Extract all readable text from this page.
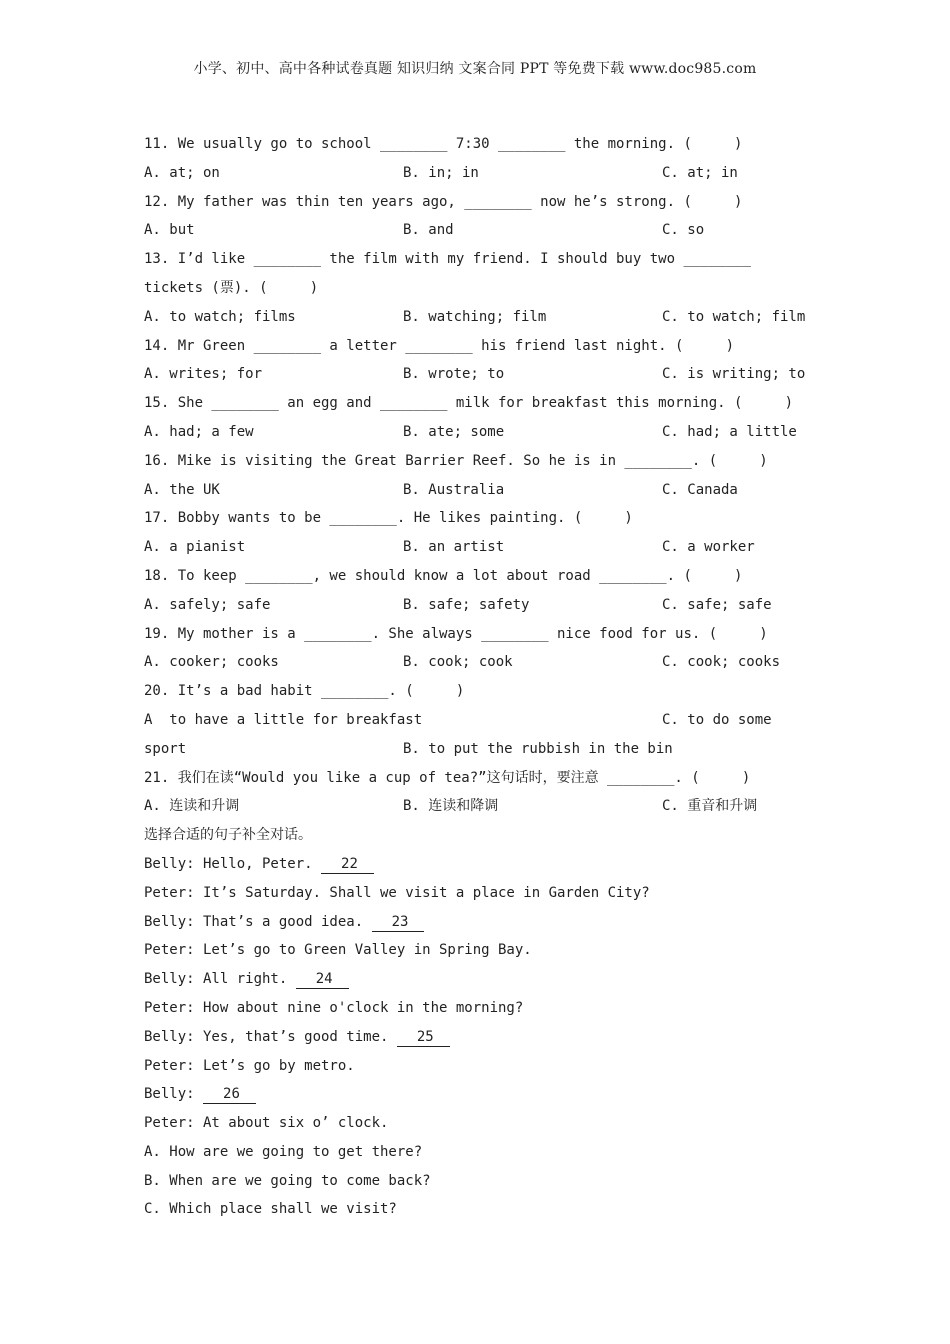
小学、初中、高中各种试卷真题 知识归纳 文案合同 PPT 等免费下载 www.doc985.com
11. We usually go to school ________ 7:30 ________ the morning. (     )
A. at; on	B. in; in	C. at; in
12. My father was thin ten years ago, ________ now he’s strong. (     )
A. but	B. and	C. so
13. I’d like ________ the film with my friend. I should buy two ________
tickets (票). (     )
A. to watch; films	B. watching; film	C. to watch; film
14. Mr Green ________ a letter ________ his friend last night. (     )
A. writes; for	B. wrote; to	C. is writing; to
15. She ________ an egg and ________ milk for breakfast this morning. (     )
A. had; a few	B. ate; some	C. had; a little
16. Mike is visiting the Great Barrier Reef. So he is in ________. (     )
A. the UK	B. Australia	C. Canada
17. Bobby wants to be ________. He likes painting. (     )
A. a pianist	B. an artist	C. a worker
18. To keep ________, we should know a lot about road ________. (     )
A. safely; safe	B. safe; safety	C. safe; safe
19. My mother is a ________. She always ________ nice food for us. (     )
A. cooker; cooks	B. cook; cook	C. cook; cooks
20. It’s a bad habit ________. (     )
A  to have a little for breakfast	C. to do some
sport	B. to put the rubbish in the bin
21. 我们在读“Would you like a cup of tea?”这句话时，要注意 ________. (     )
A. 连读和升调	B. 连读和降调	C. 重音和升调
选择合适的句子补全对话。
Belly: Hello, Peter. 22
Peter: It’s Saturday. Shall we visit a place in Garden City?
Belly: That’s a good idea. 23
Peter: Let’s go to Green Valley in Spring Bay.
Belly: All right. 24
Peter: How about nine o'clock in the morning?
Belly: Yes, that’s good time. 25
Peter: Let’s go by metro.
Belly: 26
Peter: At about six o’ clock.
A. How are we going to get there?
B. When are we going to come back?
C. Which place shall we visit?
